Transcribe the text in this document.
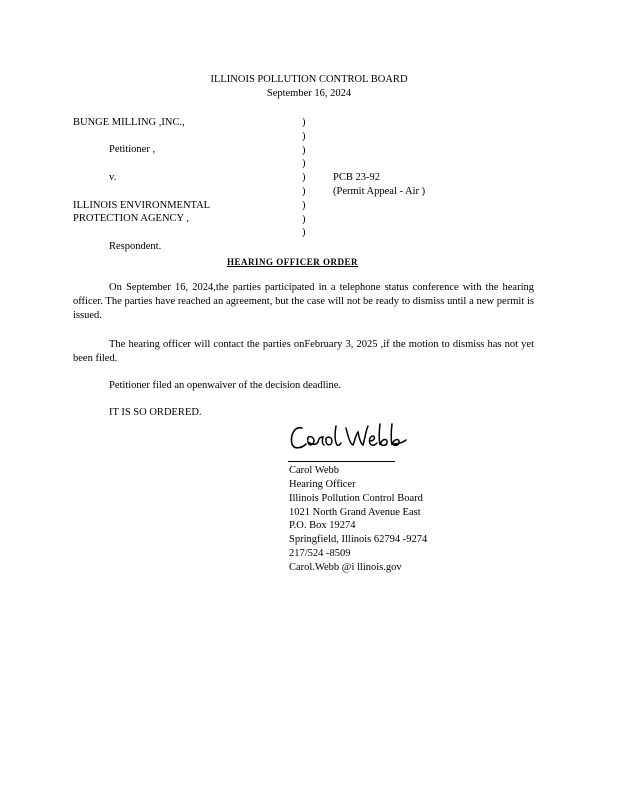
ILLINOIS POLLUTION CONTROL BOARD
September 16, 2024
BUNGE MILLING ,INC.,
Petitioner ,
v.
ILLINOIS ENVIRONMENTAL
PROTECTION AGENCY ,
Respondent.
)
)
)
)
)
)
)
)
)
PCB 23-92
(Permit Appeal - Air )
HEARING OFFICER ORDER
On September 16, 2024,the parties participated in a telephone status conference with the hearing officer. The parties have reached an agreement, but the case will not be ready to dismiss until a new permit is issued.
The hearing officer will contact the parties onFebruary 3, 2025 ,if the motion to dismiss has not yet been filed.
Petitioner filed an openwaiver of the decision deadline.
IT IS SO ORDERED.
Carol Webb
Hearing Officer
Illinois Pollution Control Board
1021 North Grand Avenue East
P.O. Box 19274
Springfield, Illinois 62794 -9274
217/524 -8509
Carol.Webb @i llinois.gov
